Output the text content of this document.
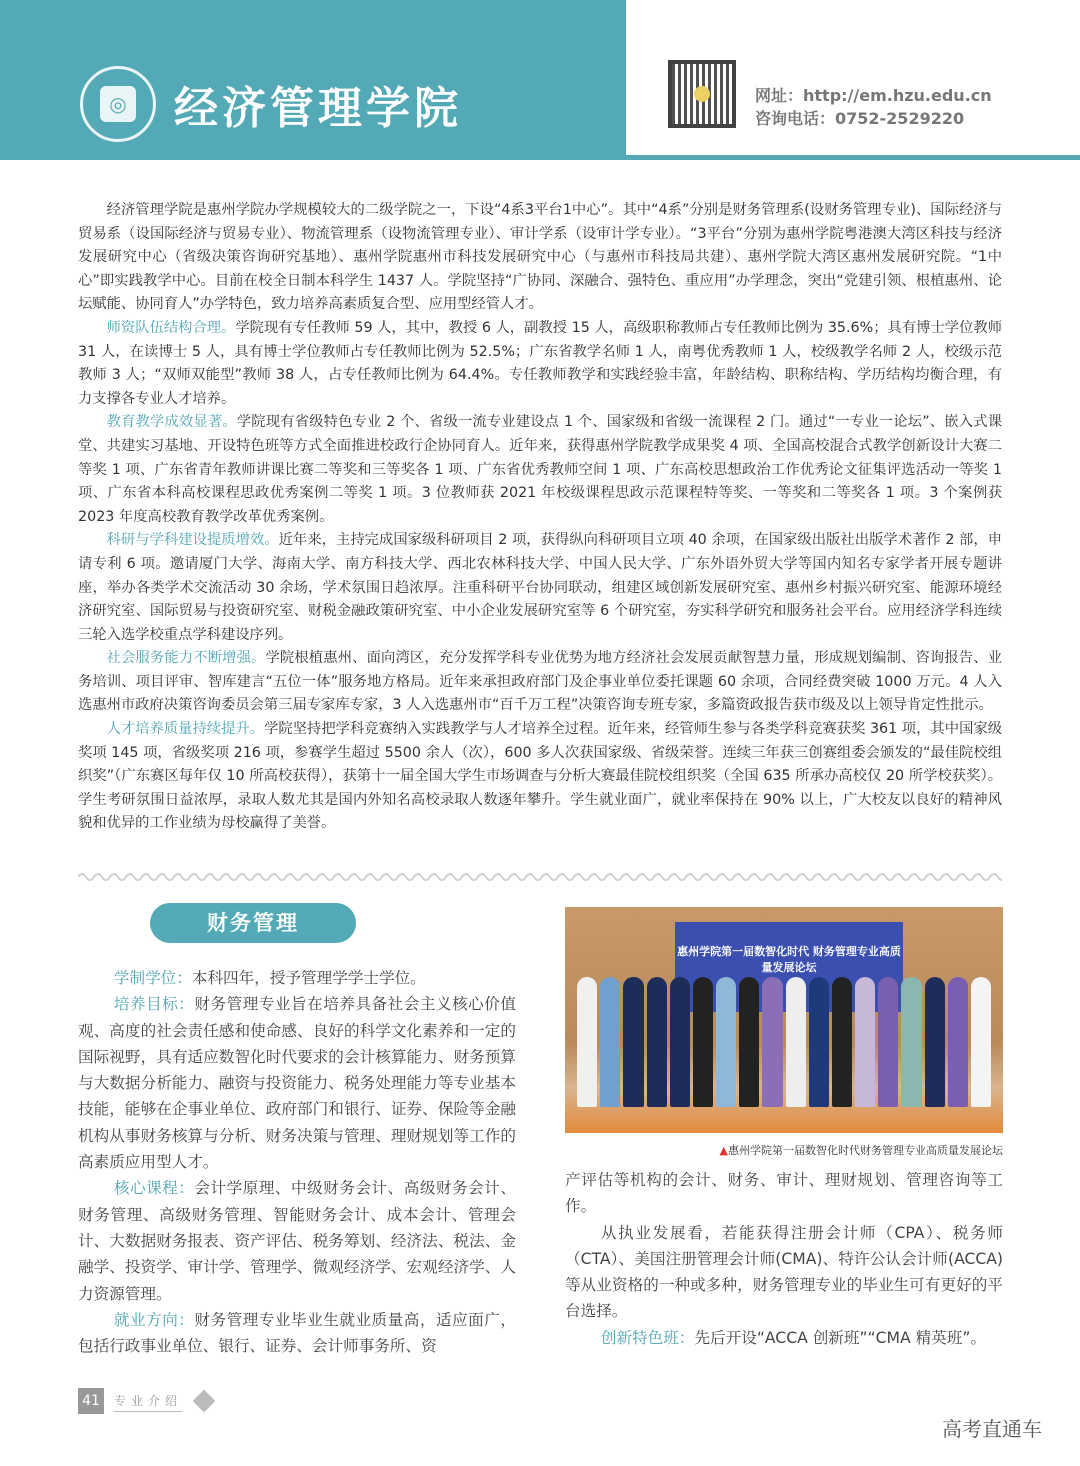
◎ 经济管理学院	网址：http://em.hzu.edu.cn
咨询电话：0752-2529220

经济管理学院是惠州学院办学规模较大的二级学院之一，下设“4系3平台1中心”。其中“4系”分别是财务管理系(设财务管理专业)、国际经济与贸易系（设国际经济与贸易专业）、物流管理系（设物流管理专业）、审计学系（设审计学专业）。“3平台”分别为惠州学院粤港澳大湾区科技与经济发展研究中心（省级决策咨询研究基地）、惠州学院惠州市科技发展研究中心（与惠州市科技局共建）、惠州学院大湾区惠州发展研究院。“1中心”即实践教学中心。目前在校全日制本科学生 1437 人。学院坚持“广协同、深融合、强特色、重应用”办学理念，突出“党建引领、根植惠州、论坛赋能、协同育人”办学特色，致力培养高素质复合型、应用型经管人才。

师资队伍结构合理。学院现有专任教师 59 人，其中，教授 6 人，副教授 15 人，高级职称教师占专任教师比例为 35.6%；具有博士学位教师 31 人，在读博士 5 人，具有博士学位教师占专任教师比例为 52.5%；广东省教学名师 1 人，南粤优秀教师 1 人，校级教学名师 2 人，校级示范教师 3 人；“双师双能型”教师 38 人，占专任教师比例为 64.4%。专任教师教学和实践经验丰富，年龄结构、职称结构、学历结构均衡合理，有力支撑各专业人才培养。

教育教学成效显著。学院现有省级特色专业 2 个、省级一流专业建设点 1 个、国家级和省级一流课程 2 门。通过“一专业一论坛”、嵌入式课堂、共建实习基地、开设特色班等方式全面推进校政行企协同育人。近年来，获得惠州学院教学成果奖 4 项、全国高校混合式教学创新设计大赛二等奖 1 项、广东省青年教师讲课比赛二等奖和三等奖各 1 项、广东省优秀教师空间 1 项、广东高校思想政治工作优秀论文征集评选活动一等奖 1 项、广东省本科高校课程思政优秀案例二等奖 1 项。3 位教师获 2021 年校级课程思政示范课程特等奖、一等奖和二等奖各 1 项。3 个案例获 2023 年度高校教育教学改革优秀案例。

科研与学科建设提质增效。近年来，主持完成国家级科研项目 2 项，获得纵向科研项目立项 40 余项，在国家级出版社出版学术著作 2 部，申请专利 6 项。邀请厦门大学、海南大学、南方科技大学、西北农林科技大学、中国人民大学、广东外语外贸大学等国内知名专家学者开展专题讲座，举办各类学术交流活动 30 余场，学术氛围日趋浓厚。注重科研平台协同联动，组建区域创新发展研究室、惠州乡村振兴研究室、能源环境经济研究室、国际贸易与投资研究室、财税金融政策研究室、中小企业发展研究室等 6 个研究室，夯实科学研究和服务社会平台。应用经济学科连续三轮入选学校重点学科建设序列。

社会服务能力不断增强。学院根植惠州、面向湾区，充分发挥学科专业优势为地方经济社会发展贡献智慧力量，形成规划编制、咨询报告、业务培训、项目评审、智库建言“五位一体”服务地方格局。近年来承担政府部门及企事业单位委托课题 60 余项，合同经费突破 1000 万元。4 人入选惠州市政府决策咨询委员会第三届专家库专家，3 人入选惠州市“百千万工程”决策咨询专班专家，多篇资政报告获市级及以上领导肯定性批示。

人才培养质量持续提升。学院坚持把学科竞赛纳入实践教学与人才培养全过程。近年来，经管师生参与各类学科竞赛获奖 361 项，其中国家级奖项 145 项，省级奖项 216 项，参赛学生超过 5500 余人（次），600 多人次获国家级、省级荣誉。连续三年获三创赛组委会颁发的“最佳院校组织奖”（广东赛区每年仅 10 所高校获得），获第十一届全国大学生市场调查与分析大赛最佳院校组织奖（全国 635 所承办高校仅 20 所学校获奖）。学生考研氛围日益浓厚，录取人数尤其是国内外知名高校录取人数逐年攀升。学生就业面广，就业率保持在 90% 以上，广大校友以良好的精神风貌和优异的工作业绩为母校赢得了美誉。

财务管理

学制学位：本科四年，授予管理学学士学位。

培养目标：财务管理专业旨在培养具备社会主义核心价值观、高度的社会责任感和使命感、良好的科学文化素养和一定的国际视野，具有适应数智化时代要求的会计核算能力、财务预算与大数据分析能力、融资与投资能力、税务处理能力等专业基本技能，能够在企事业单位、政府部门和银行、证券、保险等金融机构从事财务核算与分析、财务决策与管理、理财规划等工作的高素质应用型人才。

核心课程：会计学原理、中级财务会计、高级财务会计、财务管理、高级财务管理、智能财务会计、成本会计、管理会计、大数据财务报表、资产评估、税务筹划、经济法、税法、金融学、投资学、审计学、管理学、微观经济学、宏观经济学、人力资源管理。

就业方向：财务管理专业毕业生就业质量高，适应面广，包括行政事业单位、银行、证券、会计师事务所、资

惠州学院第一届数智化时代 财务管理专业高质量发展论坛
▲惠州学院第一届数智化时代财务管理专业高质量发展论坛

产评估等机构的会计、财务、审计、理财规划、管理咨询等工作。

从执业发展看，若能获得注册会计师（CPA）、税务师（CTA）、美国注册管理会计师(CMA)、特许公认会计师(ACCA)等从业资格的一种或多种，财务管理专业的毕业生可有更好的平台选择。

创新特色班：先后开设“ACCA 创新班”“CMA 精英班”。

41	专业介绍
高考直通车
